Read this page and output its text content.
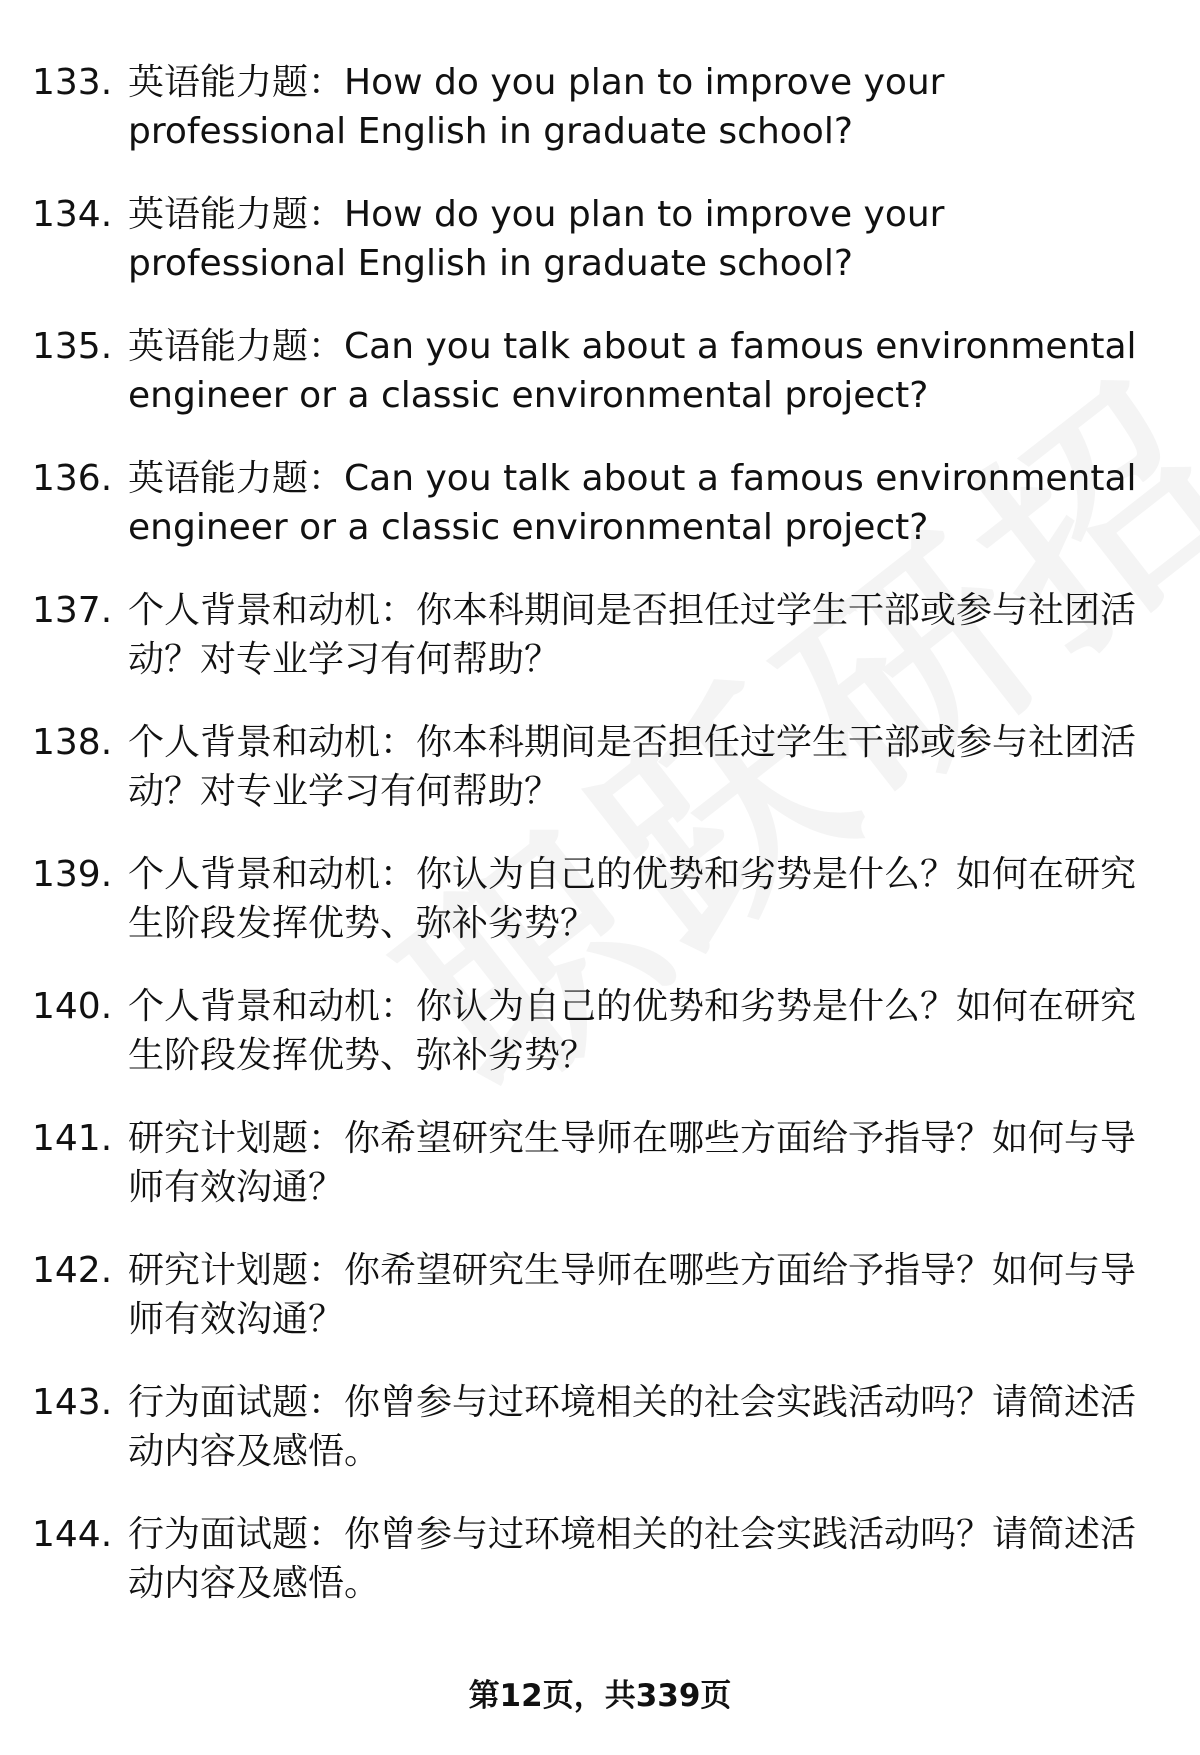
133. 英语能力题：How do you plan to improve your professional English in graduate school?
134. 英语能力题：How do you plan to improve your professional English in graduate school?
135. 英语能力题：Can you talk about a famous environmental engineer or a classic environmental project?
136. 英语能力题：Can you talk about a famous environmental engineer or a classic environmental project?
137. 个人背景和动机：你本科期间是否担任过学生干部或参与社团活动？对专业学习有何帮助？
138. 个人背景和动机：你本科期间是否担任过学生干部或参与社团活动？对专业学习有何帮助？
139. 个人背景和动机：你认为自己的优势和劣势是什么？如何在研究生阶段发挥优势、弥补劣势？
140. 个人背景和动机：你认为自己的优势和劣势是什么？如何在研究生阶段发挥优势、弥补劣势？
141. 研究计划题：你希望研究生导师在哪些方面给予指导？如何与导师有效沟通？
142. 研究计划题：你希望研究生导师在哪些方面给予指导？如何与导师有效沟通？
143. 行为面试题：你曾参与过环境相关的社会实践活动吗？请简述活动内容及感悟。
144. 行为面试题：你曾参与过环境相关的社会实践活动吗？请简述活动内容及感悟。
第12页，共339页
